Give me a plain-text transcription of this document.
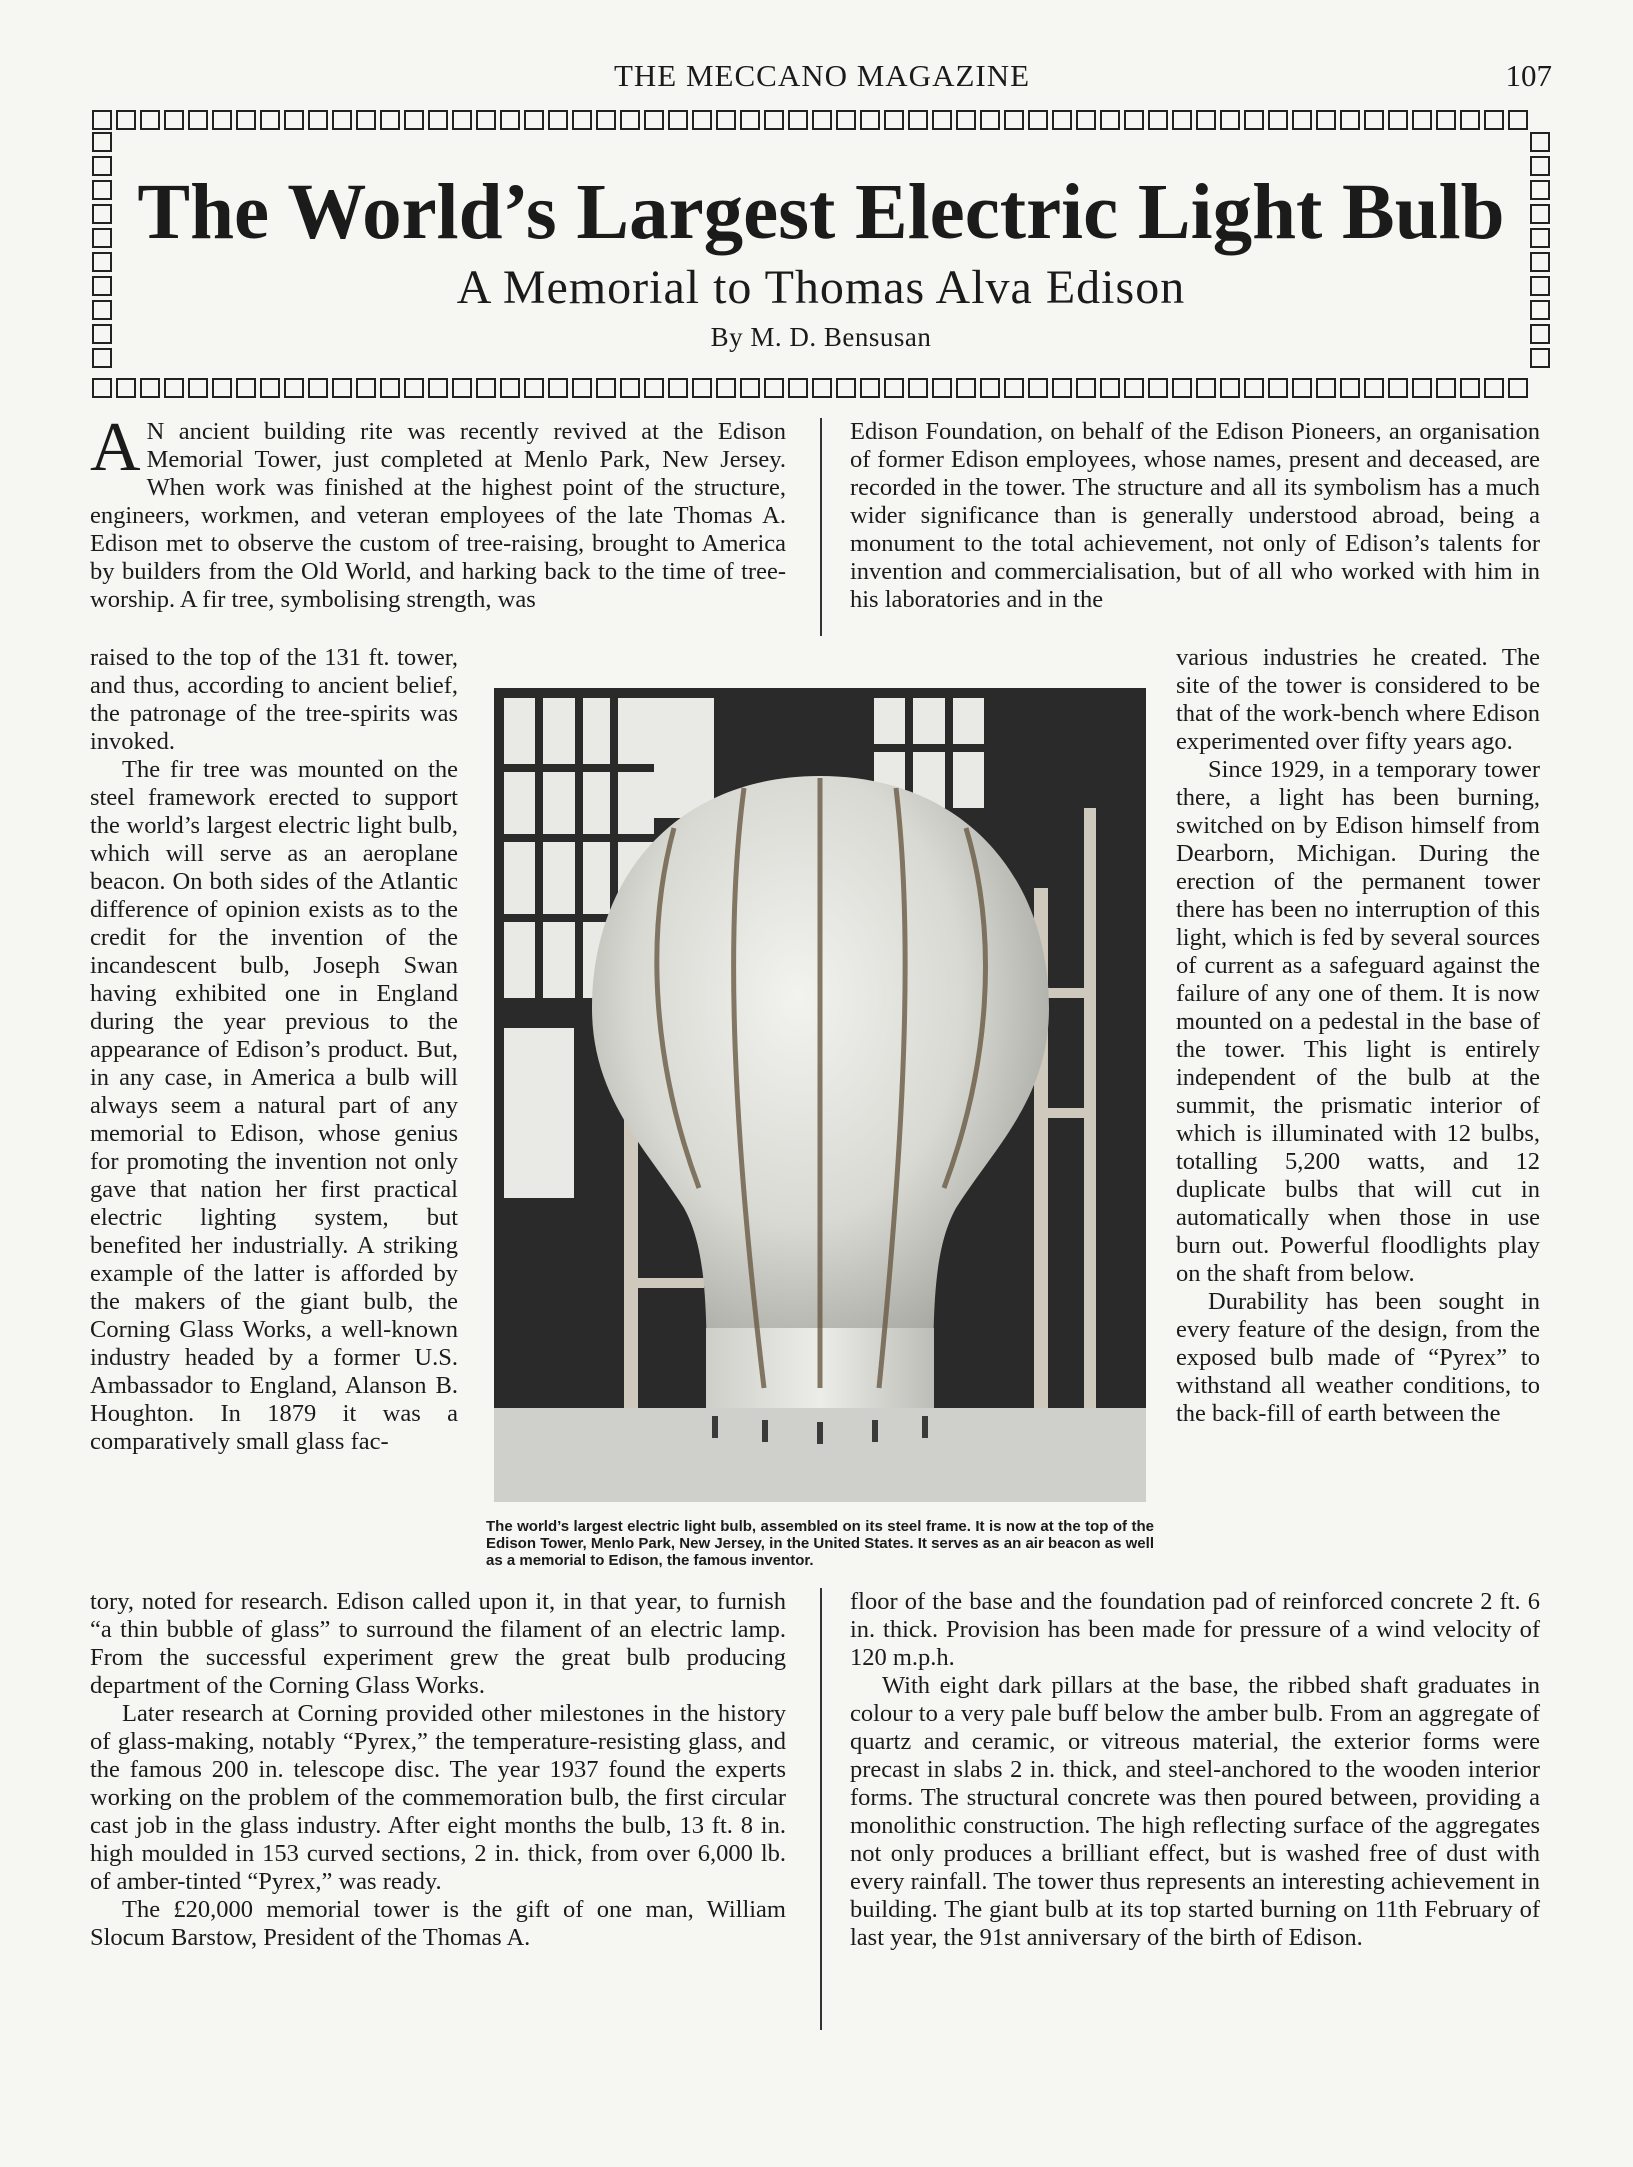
THE MECCANO MAGAZINE	107
The World’s Largest Electric Light Bulb
A Memorial to Thomas Alva Edison
By M. D. Bensusan

A N ancient building rite was recently revived at the Edison Memorial Tower, just completed at Menlo Park, New Jersey. When work was finished at the highest point of the structure, engineers, workmen, and veteran employees of the late Thomas A. Edison met to observe the custom of tree-raising, brought to America by builders from the Old World, and harking back to the time of tree-worship. A fir tree, symbolising strength, was

raised to the top of the 131 ft. tower, and thus, according to ancient belief, the patronage of the tree-spirits was invoked.

The fir tree was mounted on the steel framework erected to support the world’s largest electric light bulb, which will serve as an aeroplane beacon. On both sides of the Atlantic difference of opinion exists as to the credit for the invention of the incandescent bulb, Joseph Swan having exhibited one in England during the year previous to the appearance of Edison’s product. But, in any case, in America a bulb will always seem a natural part of any memorial to Edison, whose genius for promoting the invention not only gave that nation her first practical electric lighting system, but benefited her industrially. A striking example of the latter is afforded by the makers of the giant bulb, the Corning Glass Works, a well-known industry headed by a former U.S. Ambassador to England, Alanson B. Houghton. In 1879 it was a comparatively small glass fac-

tory, noted for research. Edison called upon it, in that year, to furnish “a thin bubble of glass” to surround the filament of an electric lamp. From the successful experiment grew the great bulb producing department of the Corning Glass Works.

Later research at Corning provided other milestones in the history of glass-making, notably “Pyrex,” the temperature-resisting glass, and the famous 200 in. telescope disc. The year 1937 found the experts working on the problem of the commemoration bulb, the first circular cast job in the glass industry. After eight months the bulb, 13 ft. 8 in. high moulded in 153 curved sections, 2 in. thick, from over 6,000 lb. of amber-tinted “Pyrex,” was ready.

The £20,000 memorial tower is the gift of one man, William Slocum Barstow, President of the Thomas A.

Edison Foundation, on behalf of the Edison Pioneers, an organisation of former Edison employees, whose names, present and deceased, are recorded in the tower. The structure and all its symbolism has a much wider significance than is generally understood abroad, being a monument to the total achievement, not only of Edison’s talents for invention and commercialisation, but of all who worked with him in his laboratories and in the

various industries he created. The site of the tower is considered to be that of the work-bench where Edison experimented over fifty years ago.

Since 1929, in a temporary tower there, a light has been burning, switched on by Edison himself from Dearborn, Michigan. During the erection of the permanent tower there has been no interruption of this light, which is fed by several sources of current as a safeguard against the failure of any one of them. It is now mounted on a pedestal in the base of the tower. This light is entirely independent of the bulb at the summit, the prismatic interior of which is illuminated with 12 bulbs, totalling 5,200 watts, and 12 duplicate bulbs that will cut in automatically when those in use burn out. Powerful floodlights play on the shaft from below.

Durability has been sought in every feature of the design, from the exposed bulb made of “Pyrex” to withstand all weather conditions, to the back-fill of earth between the

floor of the base and the foundation pad of reinforced concrete 2 ft. 6 in. thick. Provision has been made for pressure of a wind velocity of 120 m.p.h.

With eight dark pillars at the base, the ribbed shaft graduates in colour to a very pale buff below the amber bulb. From an aggregate of quartz and ceramic, or vitreous material, the exterior forms were precast in slabs 2 in. thick, and steel-anchored to the wooden interior forms. The structural concrete was then poured between, providing a monolithic construction. The high reflecting surface of the aggregates not only produces a brilliant effect, but is washed free of dust with every rainfall. The tower thus represents an interesting achievement in building. The giant bulb at its top started burning on 11th February of last year, the 91st anniversary of the birth of Edison.

The world’s largest electric light bulb, assembled on its steel frame. It is now at the top of the Edison Tower, Menlo Park, New Jersey, in the United States. It serves as an air beacon as well as a memorial to Edison, the famous inventor.
